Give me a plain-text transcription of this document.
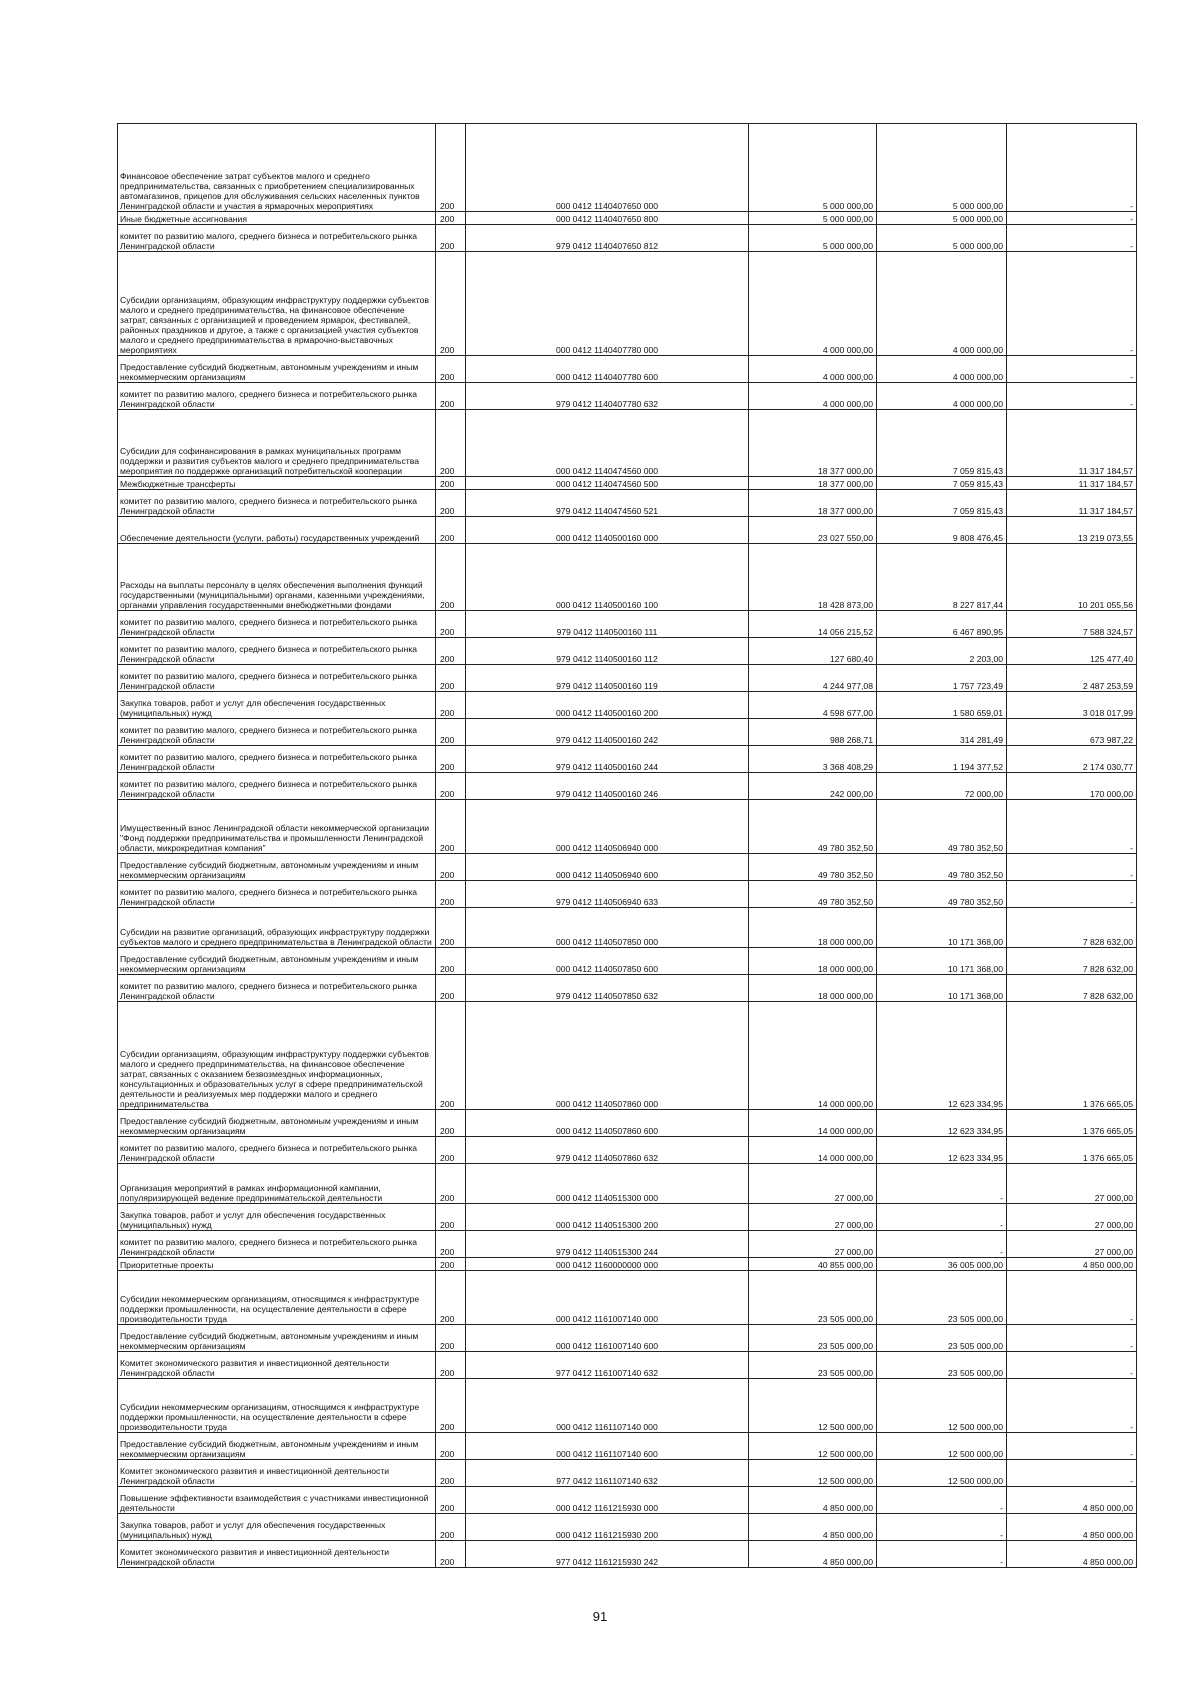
Финансовое обеспечение затрат субъектов малого и среднего предпринимательства, связанных с приобретением специализированных автомагазинов, прицепов для обслуживания сельских населенных пунктов Ленинградской области и участия в ярмарочных мероприятиях	200	000 0412 1140407650 000	5 000 000,00	5 000 000,00	-
Иные бюджетные ассигнования	200	000 0412 1140407650 800	5 000 000,00	5 000 000,00	-
комитет по развитию малого, среднего бизнеса и потребительского рынка Ленинградской области	200	979 0412 1140407650 812	5 000 000,00	5 000 000,00	-
Субсидии организациям, образующим инфраструктуру поддержки субъектов малого и среднего предпринимательства, на финансовое обеспечение затрат, связанных с организацией и проведением ярмарок, фестивалей, районных праздников и другое, а также с организацией участия субъектов малого и среднего предпринимательства в ярмарочно-выставочных мероприятиях	200	000 0412 1140407780 000	4 000 000,00	4 000 000,00	-
Предоставление субсидий бюджетным, автономным учреждениям и иным некоммерческим организациям	200	000 0412 1140407780 600	4 000 000,00	4 000 000,00	-
комитет по развитию малого, среднего бизнеса и потребительского рынка Ленинградской области	200	979 0412 1140407780 632	4 000 000,00	4 000 000,00	-
Субсидии для софинансирования в рамках муниципальных программ поддержки и развития субъектов малого и среднего предпринимательства мероприятия по поддержке организаций потребительской кооперации	200	000 0412 1140474560 000	18 377 000,00	7 059 815,43	11 317 184,57
Межбюджетные трансферты	200	000 0412 1140474560 500	18 377 000,00	7 059 815,43	11 317 184,57
комитет по развитию малого, среднего бизнеса и потребительского рынка Ленинградской области	200	979 0412 1140474560 521	18 377 000,00	7 059 815,43	11 317 184,57
Обеспечение деятельности (услуги, работы) государственных учреждений	200	000 0412 1140500160 000	23 027 550,00	9 808 476,45	13 219 073,55
Расходы на выплаты персоналу в целях обеспечения выполнения функций государственными (муниципальными) органами, казенными учреждениями, органами управления государственными внебюджетными фондами	200	000 0412 1140500160 100	18 428 873,00	8 227 817,44	10 201 055,56
комитет по развитию малого, среднего бизнеса и потребительского рынка Ленинградской области	200	979 0412 1140500160 111	14 056 215,52	6 467 890,95	7 588 324,57
комитет по развитию малого, среднего бизнеса и потребительского рынка Ленинградской области	200	979 0412 1140500160 112	127 680,40	2 203,00	125 477,40
комитет по развитию малого, среднего бизнеса и потребительского рынка Ленинградской области	200	979 0412 1140500160 119	4 244 977,08	1 757 723,49	2 487 253,59
Закупка товаров, работ и услуг для обеспечения государственных (муниципальных) нужд	200	000 0412 1140500160 200	4 598 677,00	1 580 659,01	3 018 017,99
комитет по развитию малого, среднего бизнеса и потребительского рынка Ленинградской области	200	979 0412 1140500160 242	988 268,71	314 281,49	673 987,22
комитет по развитию малого, среднего бизнеса и потребительского рынка Ленинградской области	200	979 0412 1140500160 244	3 368 408,29	1 194 377,52	2 174 030,77
комитет по развитию малого, среднего бизнеса и потребительского рынка Ленинградской области	200	979 0412 1140500160 246	242 000,00	72 000,00	170 000,00
Имущественный взнос Ленинградской области некоммерческой организации "Фонд поддержки предпринимательства и промышленности Ленинградской области, микрокредитная компания"	200	000 0412 1140506940 000	49 780 352,50	49 780 352,50	-
Предоставление субсидий бюджетным, автономным учреждениям и иным некоммерческим организациям	200	000 0412 1140506940 600	49 780 352,50	49 780 352,50	-
комитет по развитию малого, среднего бизнеса и потребительского рынка Ленинградской области	200	979 0412 1140506940 633	49 780 352,50	49 780 352,50	-
Субсидии на развитие организаций, образующих инфраструктуру поддержки субъектов малого и среднего предпринимательства в Ленинградской области	200	000 0412 1140507850 000	18 000 000,00	10 171 368,00	7 828 632,00
Предоставление субсидий бюджетным, автономным учреждениям и иным некоммерческим организациям	200	000 0412 1140507850 600	18 000 000,00	10 171 368,00	7 828 632,00
комитет по развитию малого, среднего бизнеса и потребительского рынка Ленинградской области	200	979 0412 1140507850 632	18 000 000,00	10 171 368,00	7 828 632,00
Субсидии организациям, образующим инфраструктуру поддержки субъектов малого и среднего предпринимательства, на финансовое обеспечение затрат, связанных с оказанием безвозмездных информационных, консультационных и образовательных услуг в сфере предпринимательской деятельности и реализуемых мер поддержки малого и среднего предпринимательства	200	000 0412 1140507860 000	14 000 000,00	12 623 334,95	1 376 665,05
Предоставление субсидий бюджетным, автономным учреждениям и иным некоммерческим организациям	200	000 0412 1140507860 600	14 000 000,00	12 623 334,95	1 376 665,05
комитет по развитию малого, среднего бизнеса и потребительского рынка Ленинградской области	200	979 0412 1140507860 632	14 000 000,00	12 623 334,95	1 376 665,05
Организация мероприятий в рамках информационной кампании, популяризирующей ведение предпринимательской деятельности	200	000 0412 1140515300 000	27 000,00	-	27 000,00
Закупка товаров, работ и услуг для обеспечения государственных (муниципальных) нужд	200	000 0412 1140515300 200	27 000,00	-	27 000,00
комитет по развитию малого, среднего бизнеса и потребительского рынка Ленинградской области	200	979 0412 1140515300 244	27 000,00	-	27 000,00
Приоритетные проекты	200	000 0412 1160000000 000	40 855 000,00	36 005 000,00	4 850 000,00
Субсидии некоммерческим организациям, относящимся к инфраструктуре поддержки промышленности, на осуществление деятельности в сфере производительности труда	200	000 0412 1161007140 000	23 505 000,00	23 505 000,00	-
Предоставление субсидий бюджетным, автономным учреждениям и иным некоммерческим организациям	200	000 0412 1161007140 600	23 505 000,00	23 505 000,00	-
Комитет экономического развития и инвестиционной деятельности Ленинградской области	200	977 0412 1161007140 632	23 505 000,00	23 505 000,00	-
Субсидии некоммерческим организациям, относящимся к инфраструктуре поддержки промышленности, на осуществление деятельности в сфере производительности труда	200	000 0412 1161107140 000	12 500 000,00	12 500 000,00	-
Предоставление субсидий бюджетным, автономным учреждениям и иным некоммерческим организациям	200	000 0412 1161107140 600	12 500 000,00	12 500 000,00	-
Комитет экономического развития и инвестиционной деятельности Ленинградской области	200	977 0412 1161107140 632	12 500 000,00	12 500 000,00	-
Повышение эффективности взаимодействия с участниками инвестиционной деятельности	200	000 0412 1161215930 000	4 850 000,00	-	4 850 000,00
Закупка товаров, работ и услуг для обеспечения государственных (муниципальных) нужд	200	000 0412 1161215930 200	4 850 000,00	-	4 850 000,00
Комитет экономического развития и инвестиционной деятельности Ленинградской области	200	977 0412 1161215930 242	4 850 000,00	-	4 850 000,00
91
